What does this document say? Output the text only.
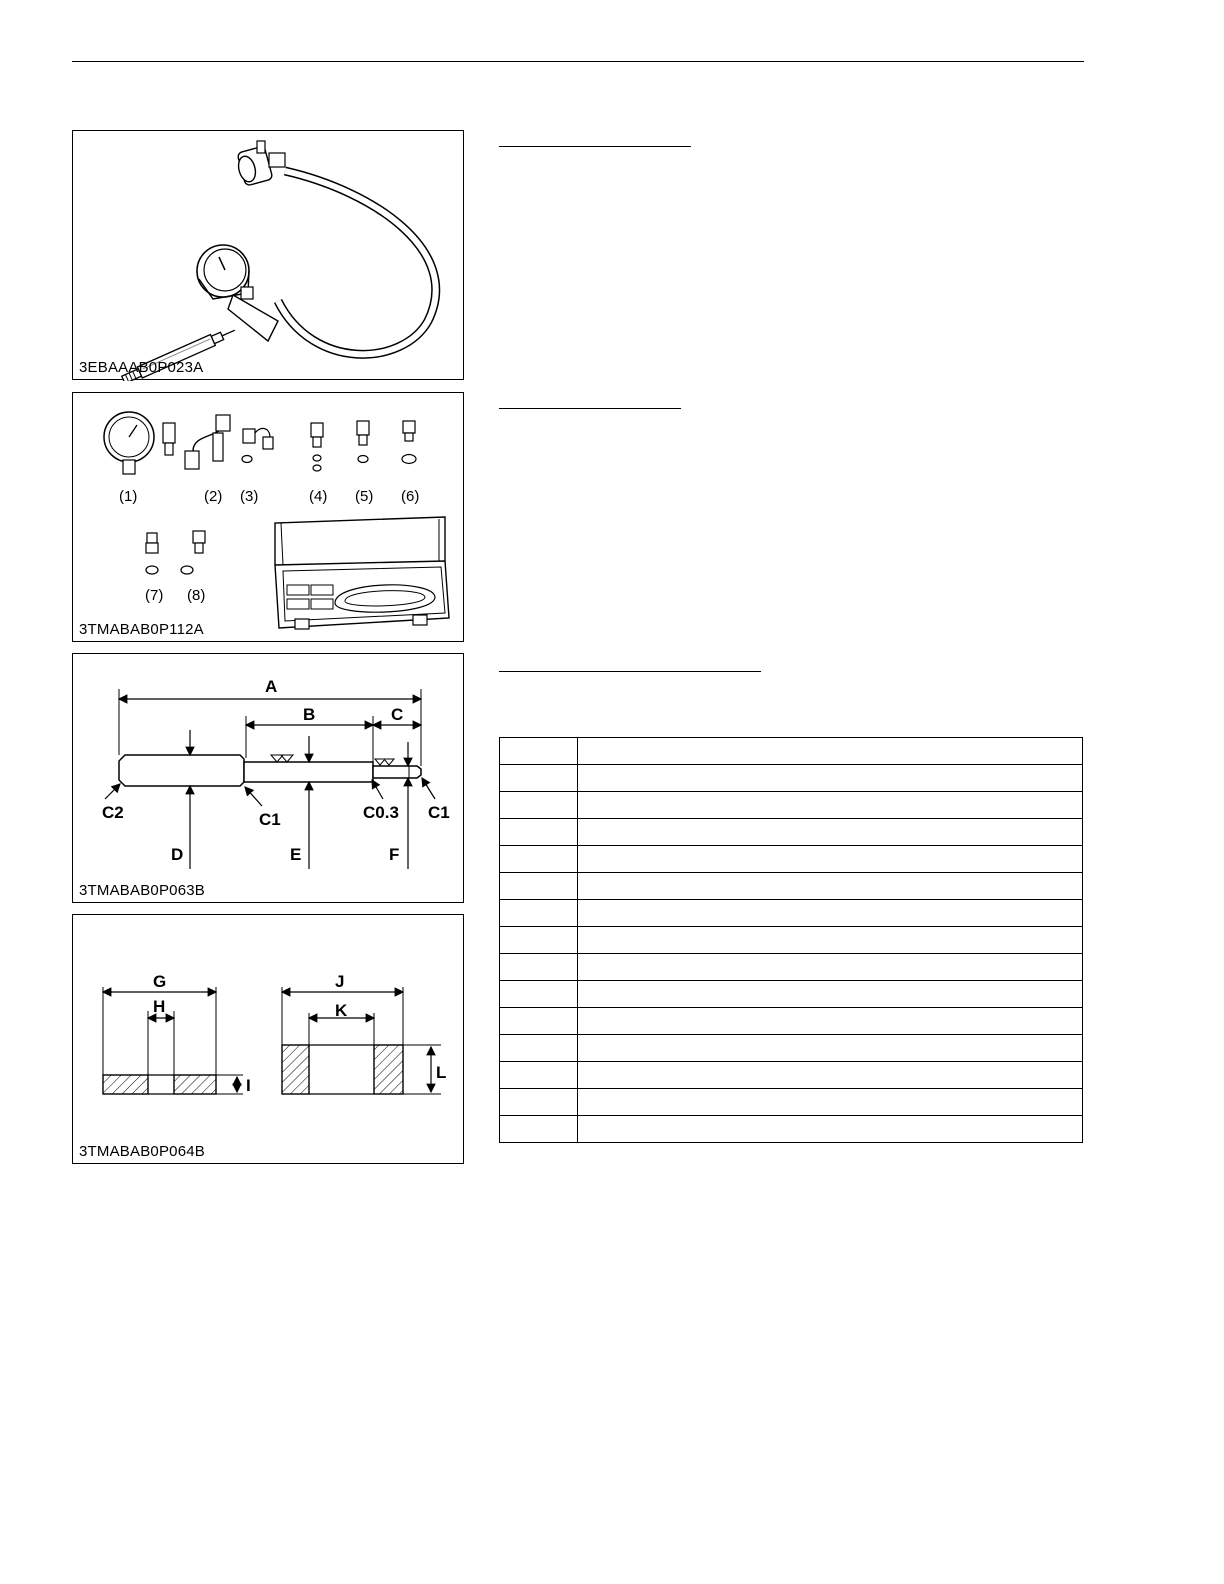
3EBAAAB0P023A
(1)	(2) (3)	(4) (5) (6)
(7) (8)
3TMABAB0P112A
A
B	C
D	E	F
C2	C1	C0.3 C1
3TMABAB0P063B
G
H
I
J
K
L
3TMABAB0P064B
